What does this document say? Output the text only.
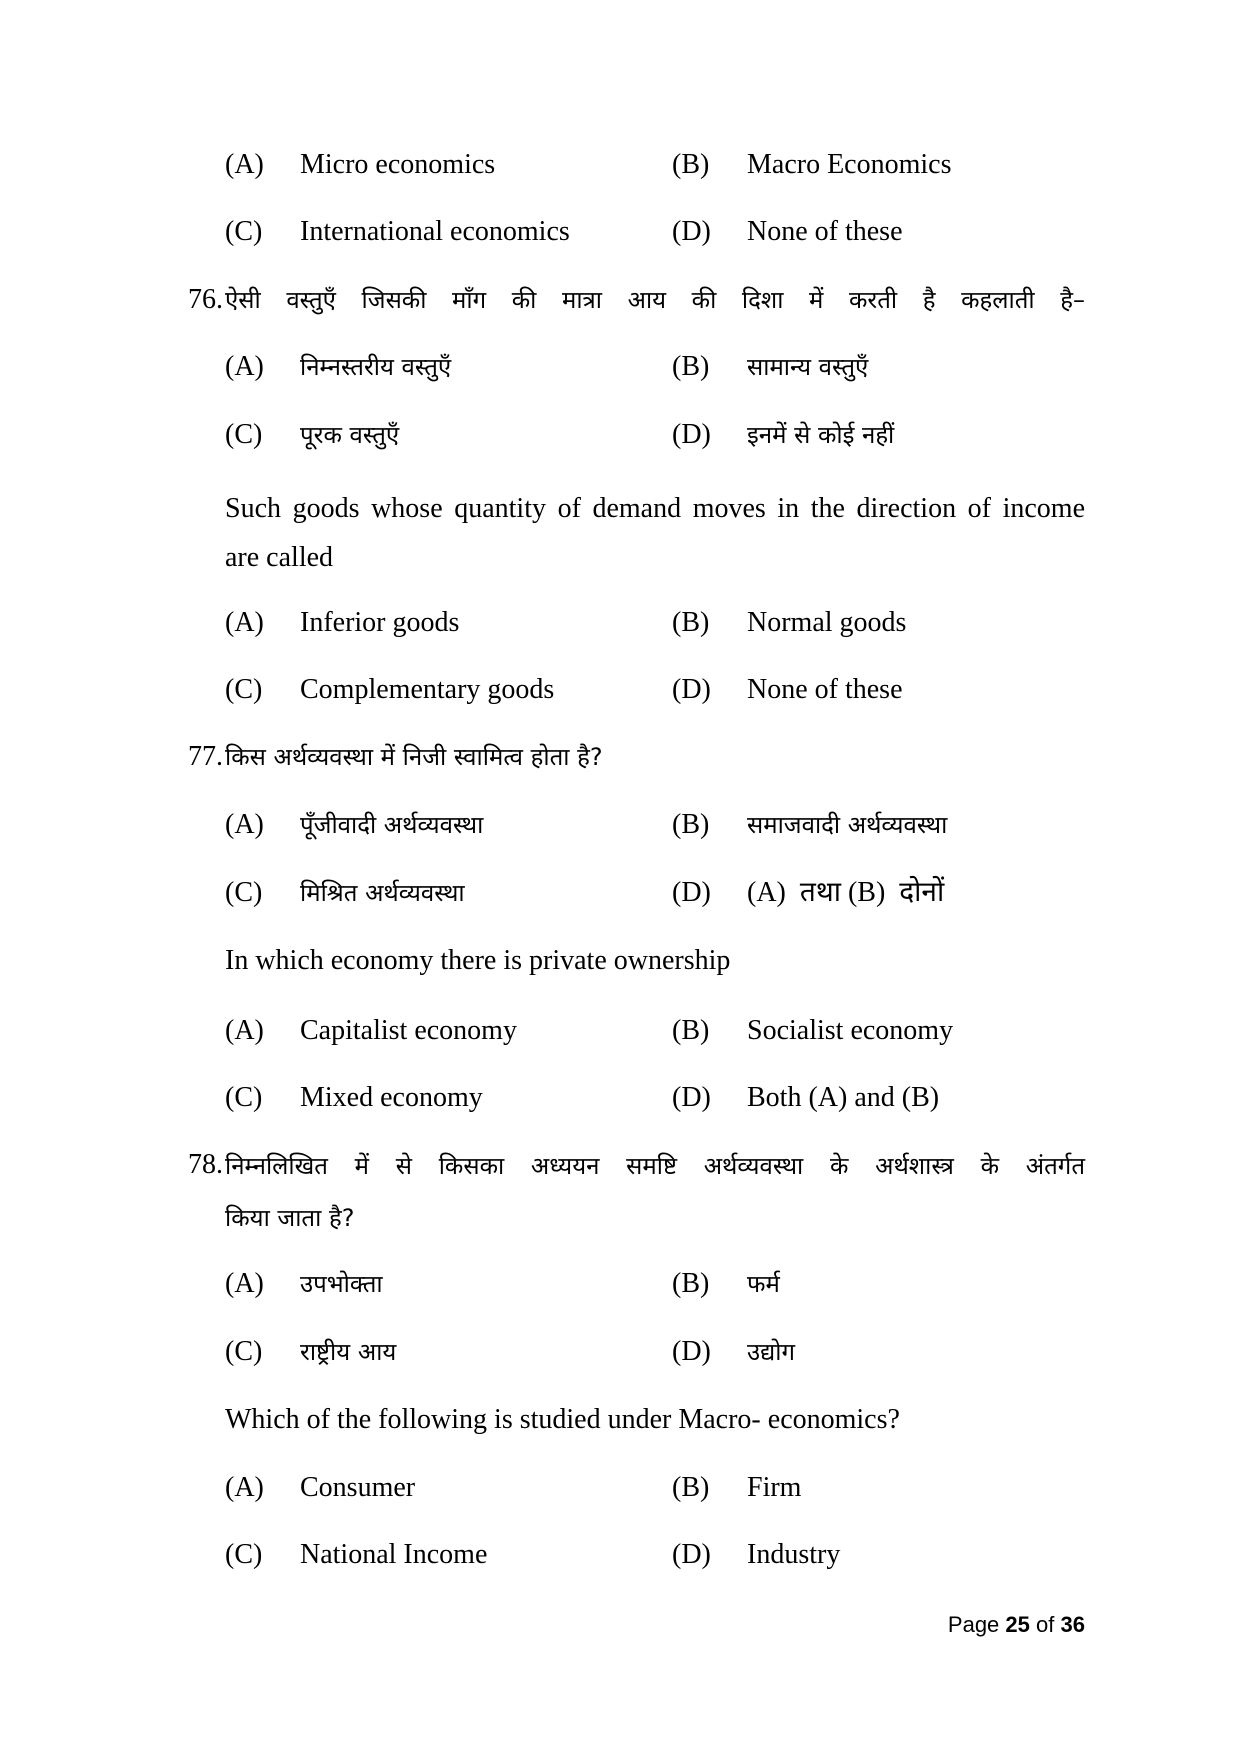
(A) Micro economics	(B) Macro Economics
(C) International economics	(D) None of these
76. ऐसी वस्तुएँ जिसकी माँग की मात्रा आय की दिशा में करती है कहलाती है–
(A) निम्नस्तरीय वस्तुएँ	(B) सामान्य वस्तुएँ
(C) पूरक वस्तुएँ	(D) इनमें से कोई नहीं
Such goods whose quantity of demand moves in the direction of income
are called
(A) Inferior goods	(B) Normal goods
(C) Complementary goods	(D) None of these
77. किस अर्थव्यवस्था में निजी स्वामित्व होता है?
(A) पूँजीवादी अर्थव्यवस्था	(B) समाजवादी अर्थव्यवस्था
(C) मिश्रित अर्थव्यवस्था	(D) (A)  तथा (B)  दोनों
In which economy there is private ownership
(A) Capitalist economy	(B) Socialist economy
(C) Mixed economy	(D) Both (A) and (B)
78. निम्नलिखित में से किसका अध्ययन समष्टि अर्थव्यवस्था के अर्थशास्त्र के अंतर्गत
किया जाता है?
(A) उपभोक्ता	(B) फर्म
(C) राष्ट्रीय आय	(D) उद्योग
Which of the following is studied under Macro- economics?
(A) Consumer	(B) Firm
(C) National Income	(D) Industry
Page 25 of 36
